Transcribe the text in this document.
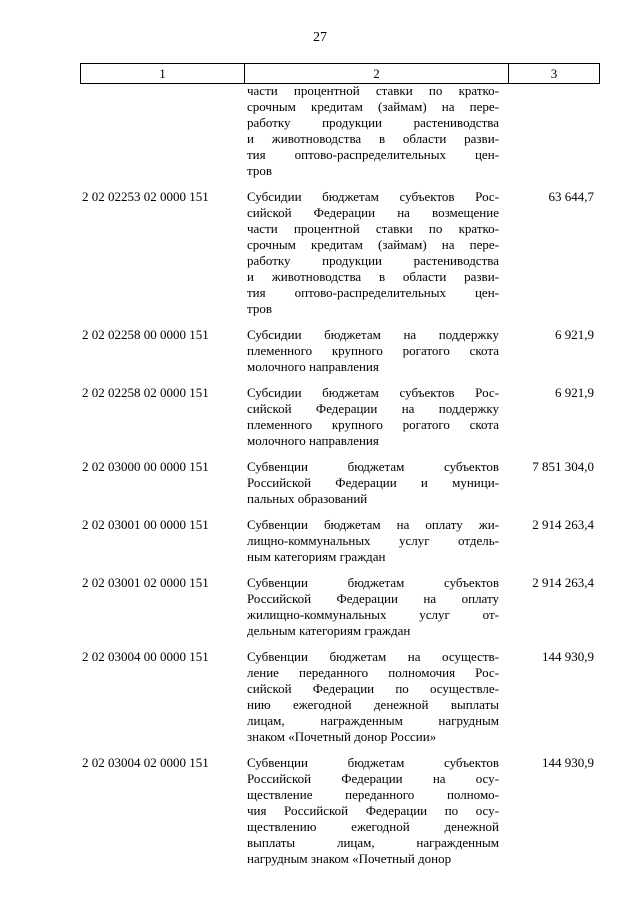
27
1	2	3
части процентной ставки по кратко-
срочным кредитам (займам) на пере-
работку продукции растениводства
и животноводства в области разви-
тия оптово-распределительных цен-
тров
2 02 02253 02 0000 151	Субсидии бюджетам субъектов Рос-
сийской Федерации на возмещение
части процентной ставки по кратко-
срочным кредитам (займам) на пере-
работку продукции растениводства
и животноводства в области разви-
тия оптово-распределительных цен-
тров
63 644,7
2 02 02258 00 0000 151	Субсидии бюджетам на поддержку
племенного крупного рогатого скота
молочного направления
6 921,9
2 02 02258 02 0000 151	Субсидии бюджетам субъектов Рос-
сийской Федерации на поддержку
племенного крупного рогатого скота
молочного направления
6 921,9
2 02 03000 00 0000 151	Субвенции бюджетам субъектов
Российской Федерации и муници-
пальных образований
7 851 304,0
2 02 03001 00 0000 151	Субвенции бюджетам на оплату жи-
лищно-коммунальных услуг отдель-
ным категориям граждан
2 914 263,4
2 02 03001 02 0000 151	Субвенции бюджетам субъектов
Российской Федерации на оплату
жилищно-коммунальных услуг от-
дельным категориям граждан
2 914 263,4
2 02 03004 00 0000 151	Субвенции бюджетам на осуществ-
ление переданного полномочия Рос-
сийской Федерации по осуществле-
нию ежегодной денежной выплаты
лицам, награжденным нагрудным
знаком «Почетный донор России»
144 930,9
2 02 03004 02 0000 151	Субвенции бюджетам субъектов
Российской Федерации на осу-
ществление переданного полномо-
чия Российской Федерации по осу-
ществлению ежегодной денежной
выплаты лицам, награжденным
нагрудным знаком «Почетный донор
144 930,9
